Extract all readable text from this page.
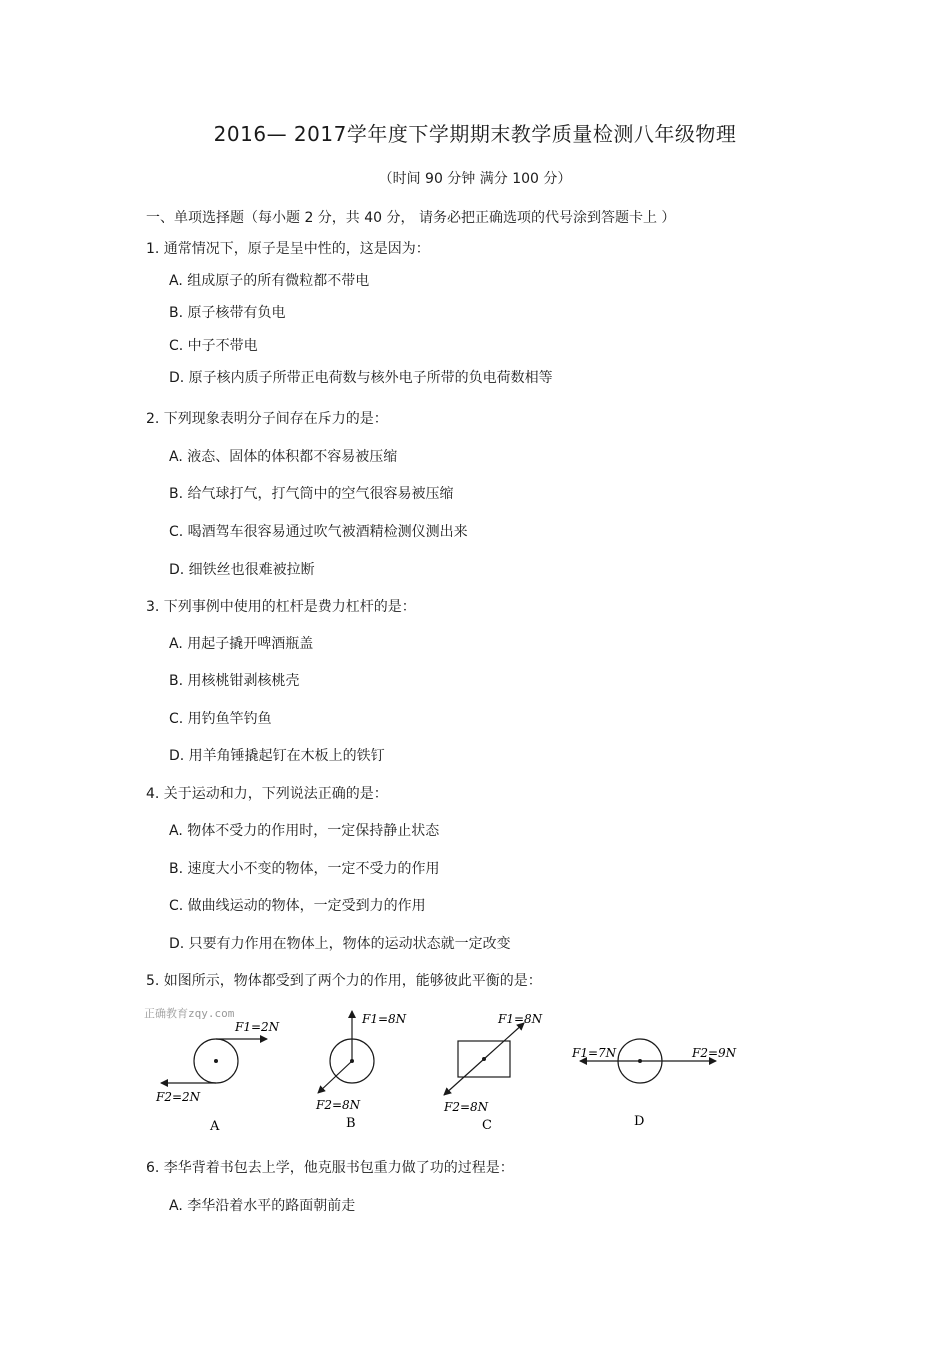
2016— 2017学年度下学期期末教学质量检测八年级物理
（时间 90 分钟 满分 100 分）
一、单项选择题（每小题 2 分，共 40 分， 请务必把正确选项的代号涂到答题卡上 ）
1. 通常情况下，原子是呈中性的，这是因为：
A. 组成原子的所有微粒都不带电
B. 原子核带有负电
C. 中子不带电
D. 原子核内质子所带正电荷数与核外电子所带的负电荷数相等
2. 下列现象表明分子间存在斥力的是：
A. 液态、固体的体积都不容易被压缩
B. 给气球打气，打气筒中的空气很容易被压缩
C. 喝酒驾车很容易通过吹气被酒精检测仪测出来
D. 细铁丝也很难被拉断
3. 下列事例中使用的杠杆是费力杠杆的是：
A. 用起子撬开啤酒瓶盖
B. 用核桃钳剥核桃壳
C. 用钓鱼竿钓鱼
D. 用羊角锤撬起钉在木板上的铁钉
4. 关于运动和力，下列说法正确的是：
A. 物体不受力的作用时，一定保持静止状态
B. 速度大小不变的物体，一定不受力的作用
C. 做曲线运动的物体，一定受到力的作用
D. 只要有力作用在物体上，物体的运动状态就一定改变
5. 如图所示，物体都受到了两个力的作用，能够彼此平衡的是：
正确教育zqy.com
F1=2N
F2=2N
A
F1=8N
F2=8N
B
F1=8N
F2=8N
C
F1=7N	F2=9N
D
6. 李华背着书包去上学，他克服书包重力做了功的过程是：
A. 李华沿着水平的路面朝前走
